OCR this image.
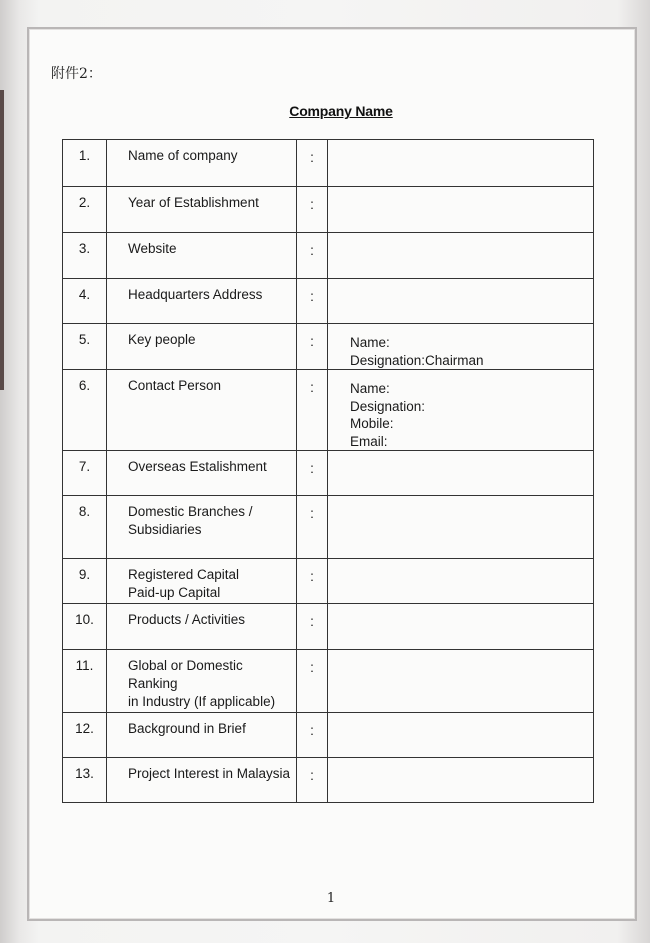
附件2：
Company Name
1.	Name of company	:	
2.	Year of Establishment	:	
3.	Website	:	
4.	Headquarters Address	:	
5.	Key people	:	Name:
Designation:Chairman

6.	Contact Person	:	Name:
Designation:
Mobile:
Email:

7.	Overseas Estalishment	:	
8.	Domestic Branches /
Subsidiaries	:	
9.	Registered Capital
Paid-up Capital	:	
10.	Products / Activities	:	
11.	Global or Domestic Ranking
in Industry (If applicable)	:	
12.	Background in Brief	:	
13.	Project Interest in Malaysia	:	
1
